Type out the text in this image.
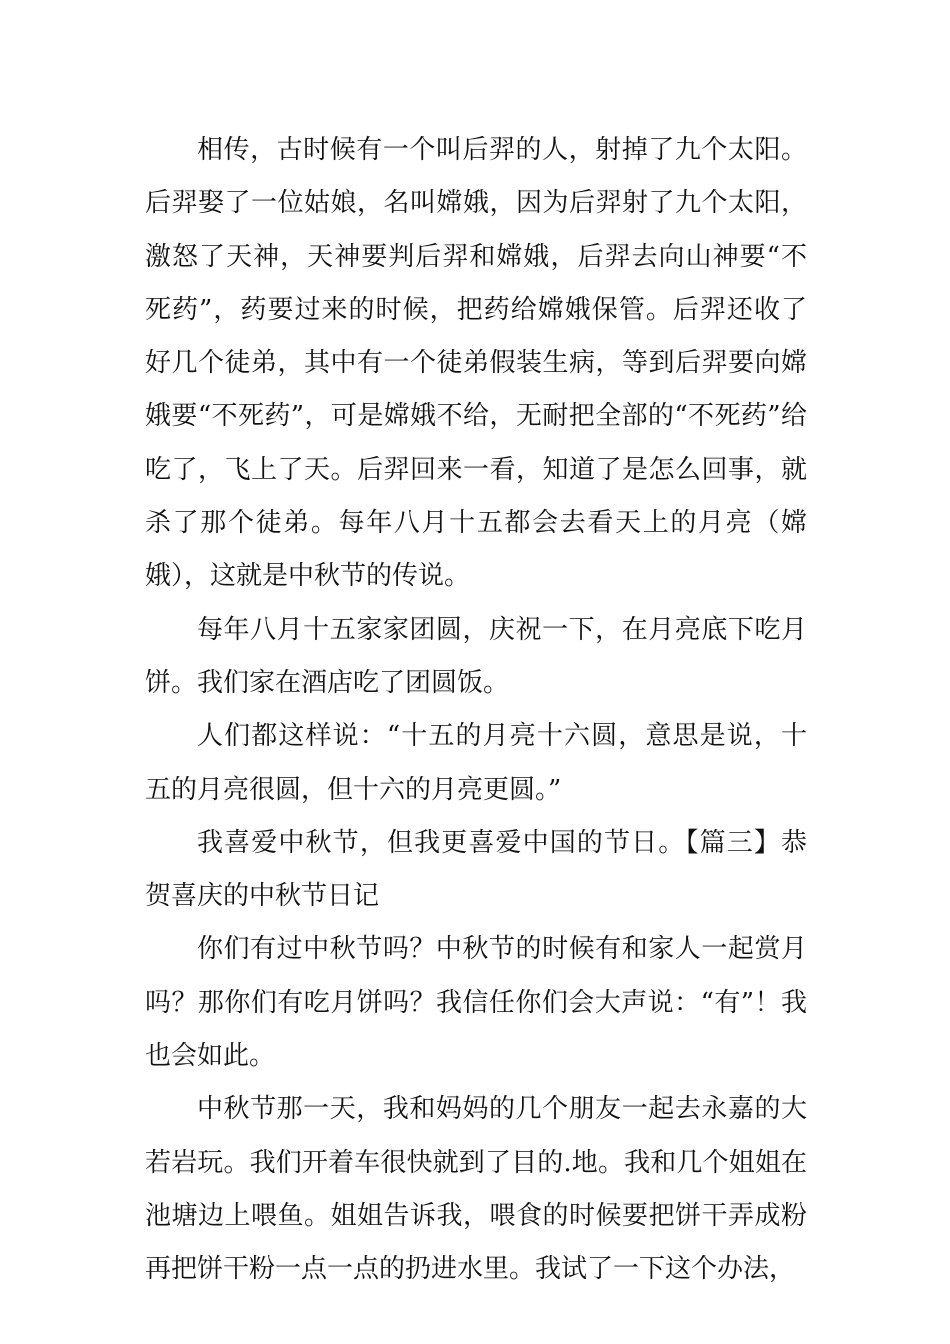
相传，古时候有一个叫后羿的人，射掉了九个太阳。后羿娶了一位姑娘，名叫嫦娥，因为后羿射了九个太阳，激怒了天神，天神要判后羿和嫦娥，后羿去向山神要“不死药”，药要过来的时候，把药给嫦娥保管。后羿还收了好几个徒弟，其中有一个徒弟假装生病，等到后羿要向嫦娥要“不死药”，可是嫦娥不给，无耐把全部的“不死药”给吃了，飞上了天。后羿回来一看，知道了是怎么回事，就杀了那个徒弟。每年八月十五都会去看天上的月亮（嫦娥），这就是中秋节的传说。

每年八月十五家家团圆，庆祝一下，在月亮底下吃月饼。我们家在酒店吃了团圆饭。

人们都这样说：“十五的月亮十六圆，意思是说，十五的月亮很圆，但十六的月亮更圆。”

我喜爱中秋节，但我更喜爱中国的节日。【篇三】恭贺喜庆的中秋节日记

你们有过中秋节吗？中秋节的时候有和家人一起赏月吗？那你们有吃月饼吗？我信任你们会大声说：“有”！我也会如此。

中秋节那一天，我和妈妈的几个朋友一起去永嘉的大若岩玩。我们开着车很快就到了目的.地。我和几个姐姐在池塘边上喂鱼。姐姐告诉我，喂食的时候要把饼干弄成粉再把饼干粉一点一点的扔进水里。我试了一下这个办法，
